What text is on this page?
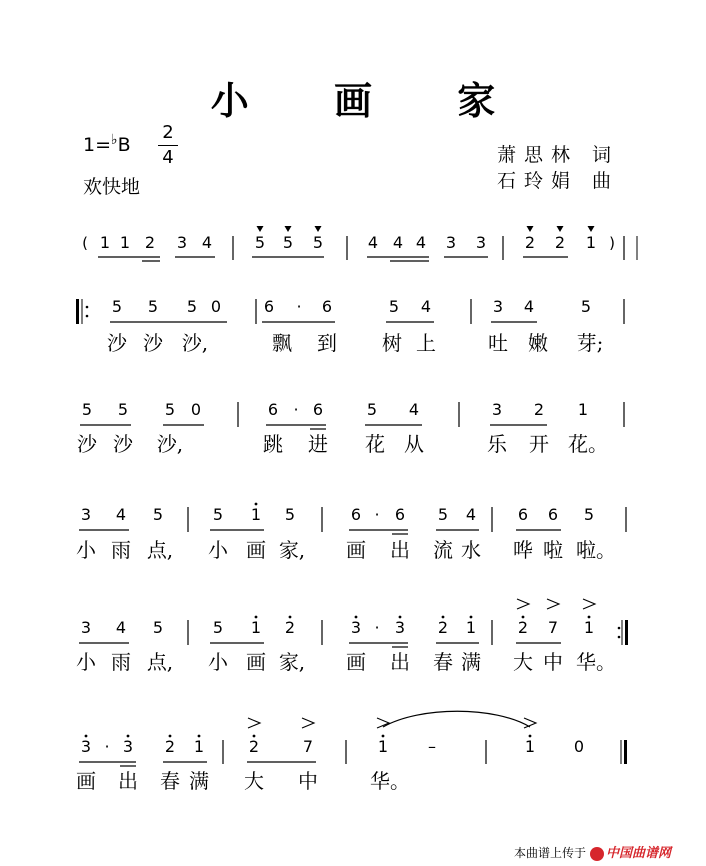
小 画 家
1=♭B
2
4
欢快地
萧思林 词
石玲娟 曲
( 1 1 2 3 4	5 5 5	4 4 4 3 3 2 2 1 )
5 5 5 0	6 · 6	5 4	3 4	5
5 5 5 0	6 · 6	5 4	3 2 1
3 4 5	5 1 5	6 · 6 5 4	6 6 5
3 4 5	5 1 2	3 · 3 2 1	2 7 1
3 · 3 2 1	2	7	1 –	1 0
沙 沙 沙,	飘 到 树 上	吐 嫩 芽;
沙 沙 沙,	跳 进 花 从	乐 开 花。
小 雨 点, 小 画 家, 画 出 流 水 哗 啦 啦。
小 雨 点, 小 画 家, 画 出 春 满 大 中 华。
画 出 春 满 大 中	华。
本曲谱上传于 中国曲谱网
